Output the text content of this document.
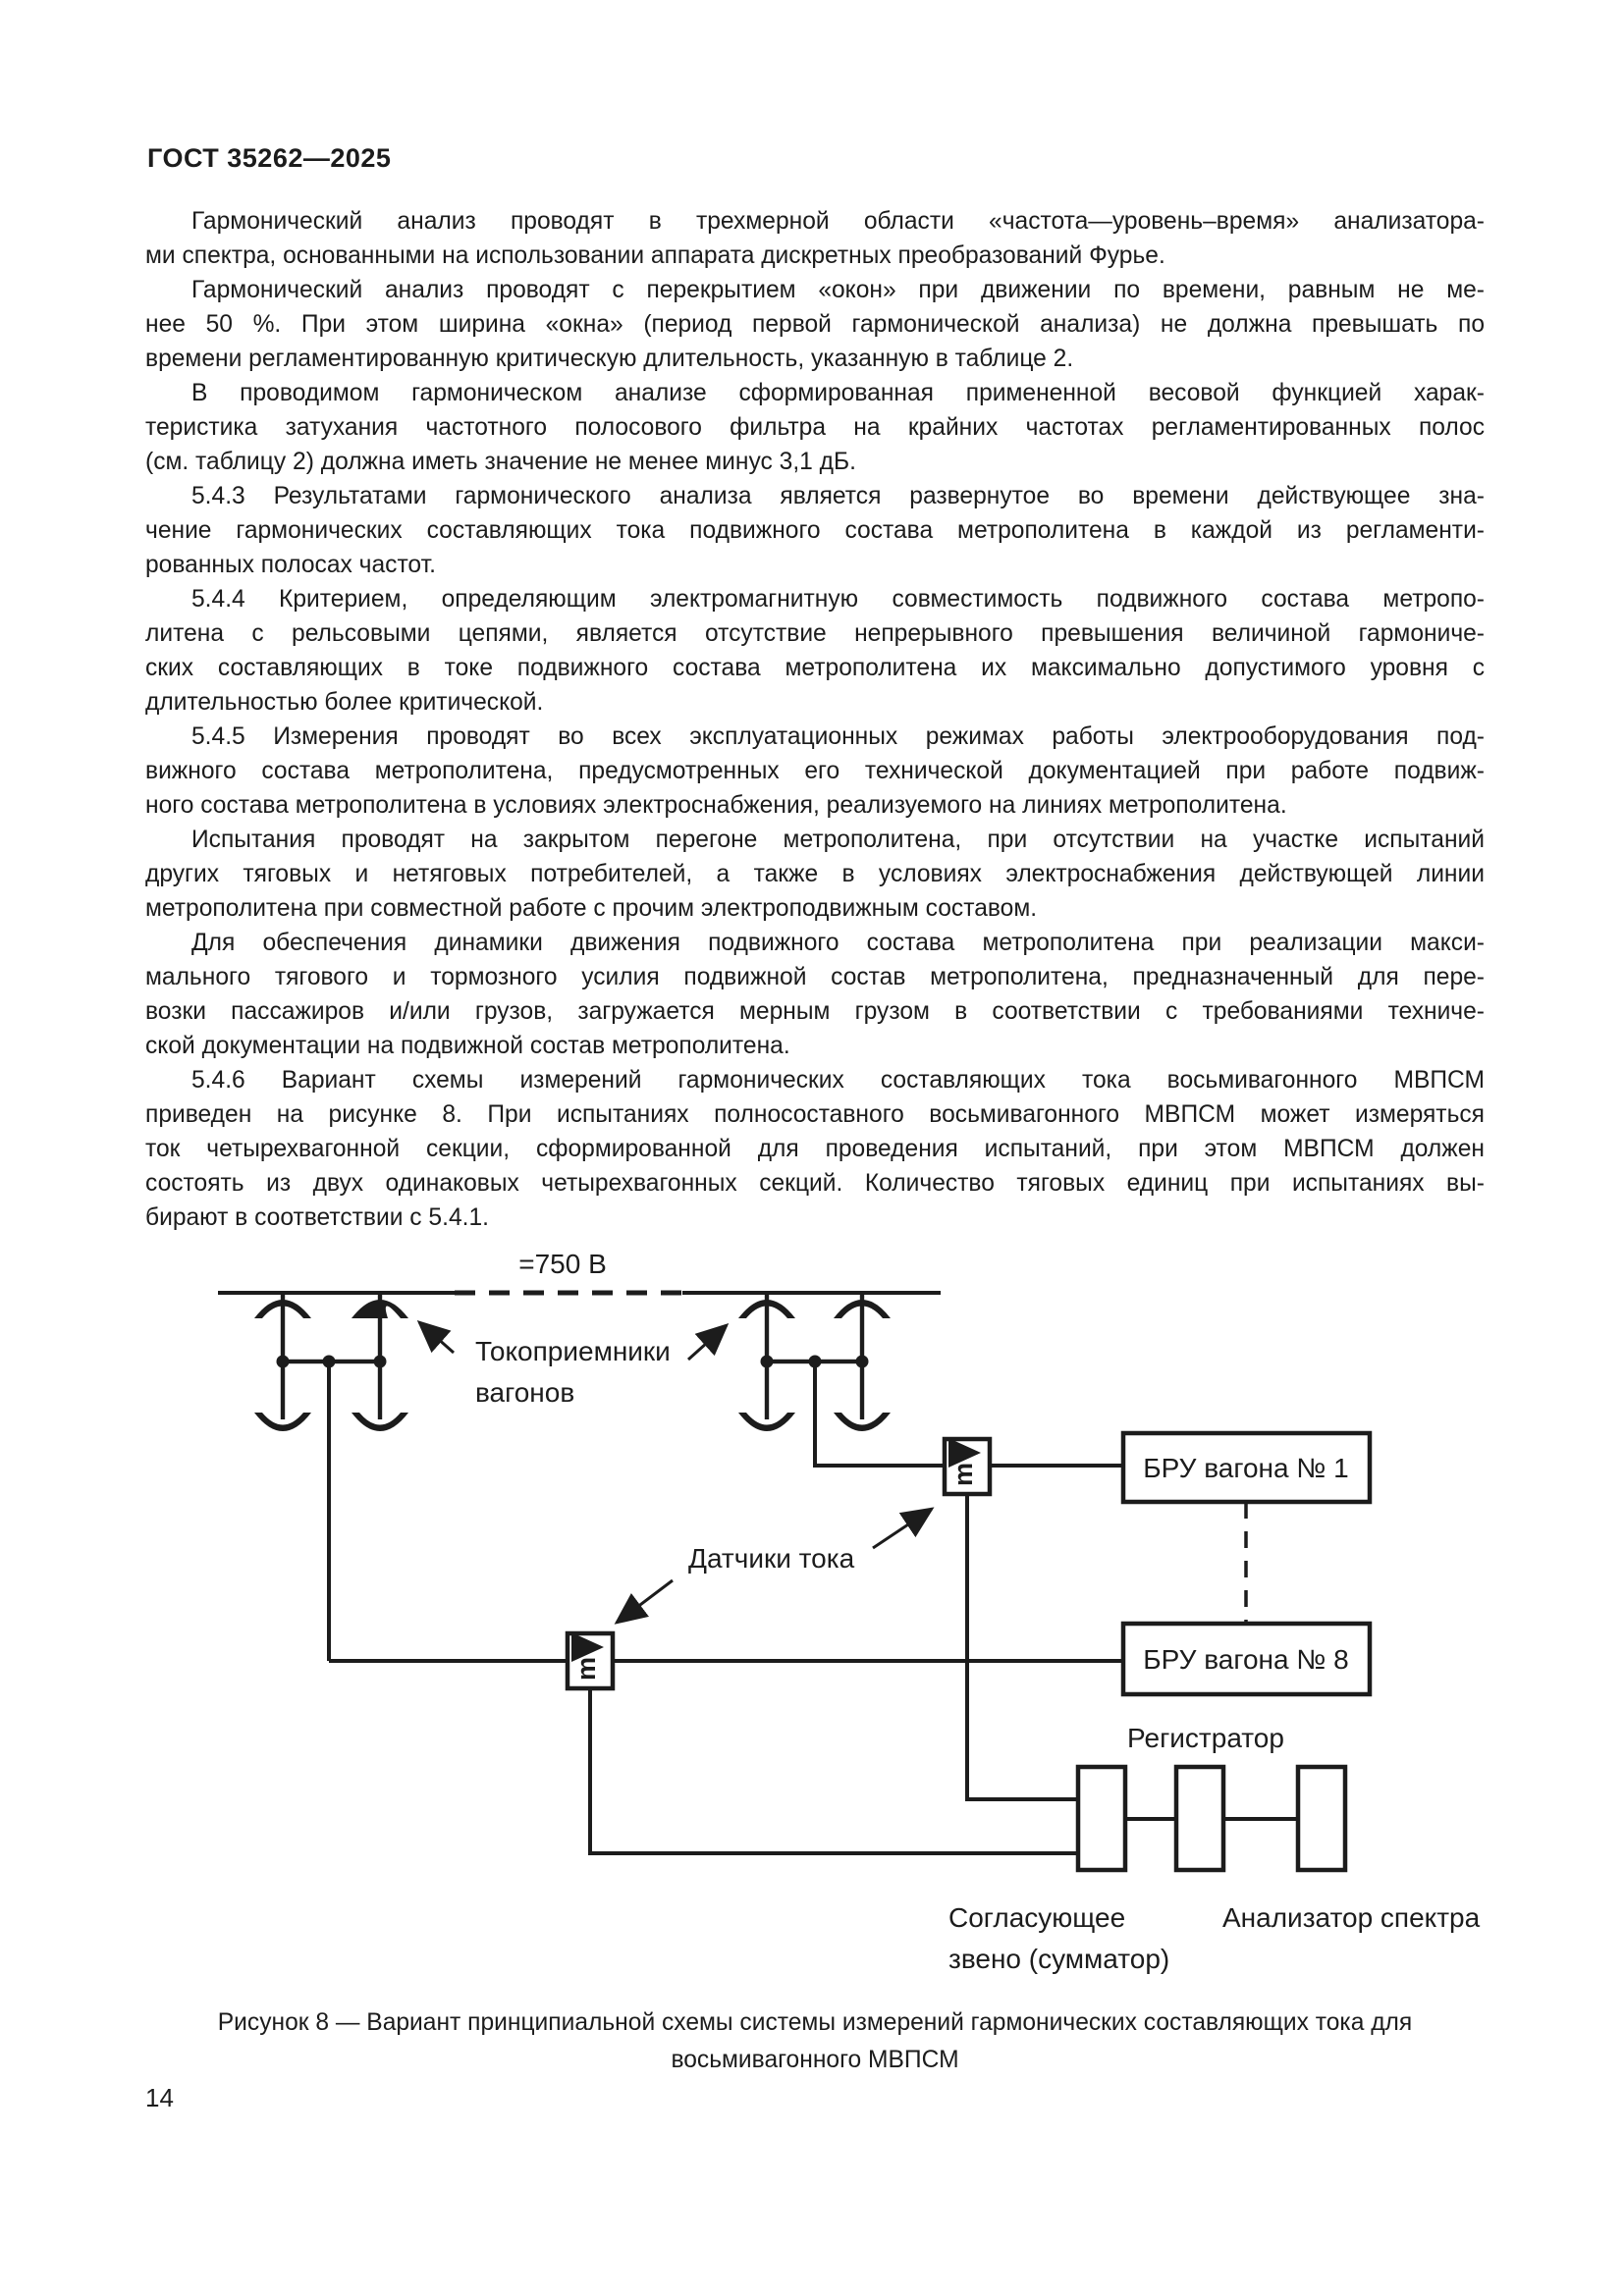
ГОСТ 35262—2025
Гармонический анализ проводят в трехмерной области «частота—уровень–время» анализатора-
ми спектра, основанными на использовании аппарата дискретных преобразований Фурье.
Гармонический анализ проводят с перекрытием «окон» при движении по времени, равным не ме-
нее 50 %. При этом ширина «окна» (период первой гармонической анализа) не должна превышать по
времени регламентированную критическую длительность, указанную в таблице 2.
В проводимом гармоническом анализе сформированная примененной весовой функцией харак-
теристика затухания частотного полосового фильтра на крайних частотах регламентированных полос
(см. таблицу 2) должна иметь значение не менее минус 3,1 дБ.
5.4.3 Результатами гармонического анализа является развернутое во времени действующее зна-
чение гармонических составляющих тока подвижного состава метрополитена в каждой из регламенти-
рованных полосах частот.
5.4.4 Критерием, определяющим электромагнитную совместимость подвижного состава метропо-
литена с рельсовыми цепями, является отсутствие непрерывного превышения величиной гармониче-
ских составляющих в токе подвижного состава метрополитена их максимально допустимого уровня с
длительностью более критической.
5.4.5 Измерения проводят во всех эксплуатационных режимах работы электрооборудования под-
вижного состава метрополитена, предусмотренных его технической документацией при работе подвиж-
ного состава метрополитена в условиях электроснабжения, реализуемого на линиях метрополитена.
Испытания проводят на закрытом перегоне метрополитена, при отсутствии на участке испытаний
других тяговых и нетяговых потребителей, а также в условиях электроснабжения действующей линии
метрополитена при совместной работе с прочим электроподвижным составом.
Для обеспечения динамики движения подвижного состава метрополитена при реализации макси-
мального тягового и тормозного усилия подвижной состав метрополитена, предназначенный для пере-
возки пассажиров и/или грузов, загружается мерным грузом в соответствии с требованиями техниче-
ской документации на подвижной состав метрополитена.
5.4.6 Вариант схемы измерений гармонических составляющих тока восьмивагонного МВПСМ
приведен на рисунке 8. При испытаниях полносоставного восьмивагонного МВПСМ может измеряться
ток четырехвагонной секции, сформированной для проведения испытаний, при этом МВПСМ должен
состоять из двух одинаковых четырехвагонных секций. Количество тяговых единиц при испытаниях вы-
бирают в соответствии с 5.4.1.
=750 В
Токоприемники
вагонов
m
m
Датчики тока
БРУ вагона № 1
БРУ вагона № 8
Регистратор
Согласующее
звено (сумматор)
Анализатор спектра
Рисунок 8 — Вариант принципиальной схемы системы измерений гармонических составляющих тока для
восьмивагонного МВПСМ
14
